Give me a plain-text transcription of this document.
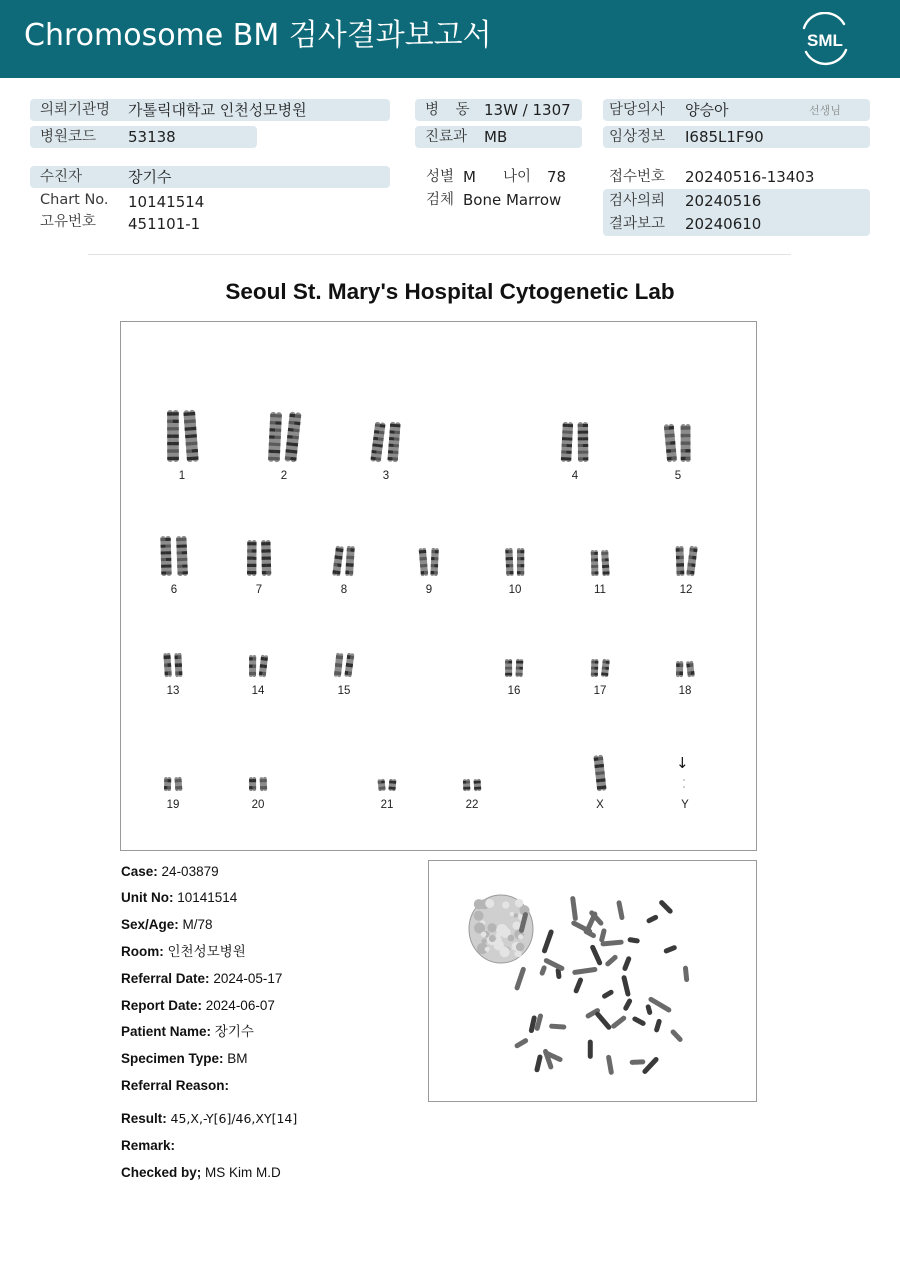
Chromosome BM 검사결과보고서	SML
의뢰기관명 가톨릭대학교 인천성모병원
병원코드 53138
병 동 13W / 1307
진료과 MB
담당의사 양승아	선생님
임상정보 I685L1F90
수진자	장기수
Chart No. 10141514
고유번호 451101-1
성별 M 나이 78
검체 Bone Marrow
접수번호 20240516-13403
검사의뢰 20240516
결과보고 20240610
Seoul St. Mary's Hospital Cytogenetic Lab
1	2	3	4	5
6	7	8	9	10	11	12
13	14	15	16	17	18
19	20	21	22	X	Y
↓
Case: 24-03879
Unit No: 10141514
Sex/Age: M/78
Room: 인천성모병원
Referral Date: 2024-05-17
Report Date: 2024-06-07
Patient Name: 장기수
Specimen Type: BM
Referral Reason:
Result: 45,X,-Y[6]/46,XY[14]
Remark:
Checked by; MS Kim M.D
